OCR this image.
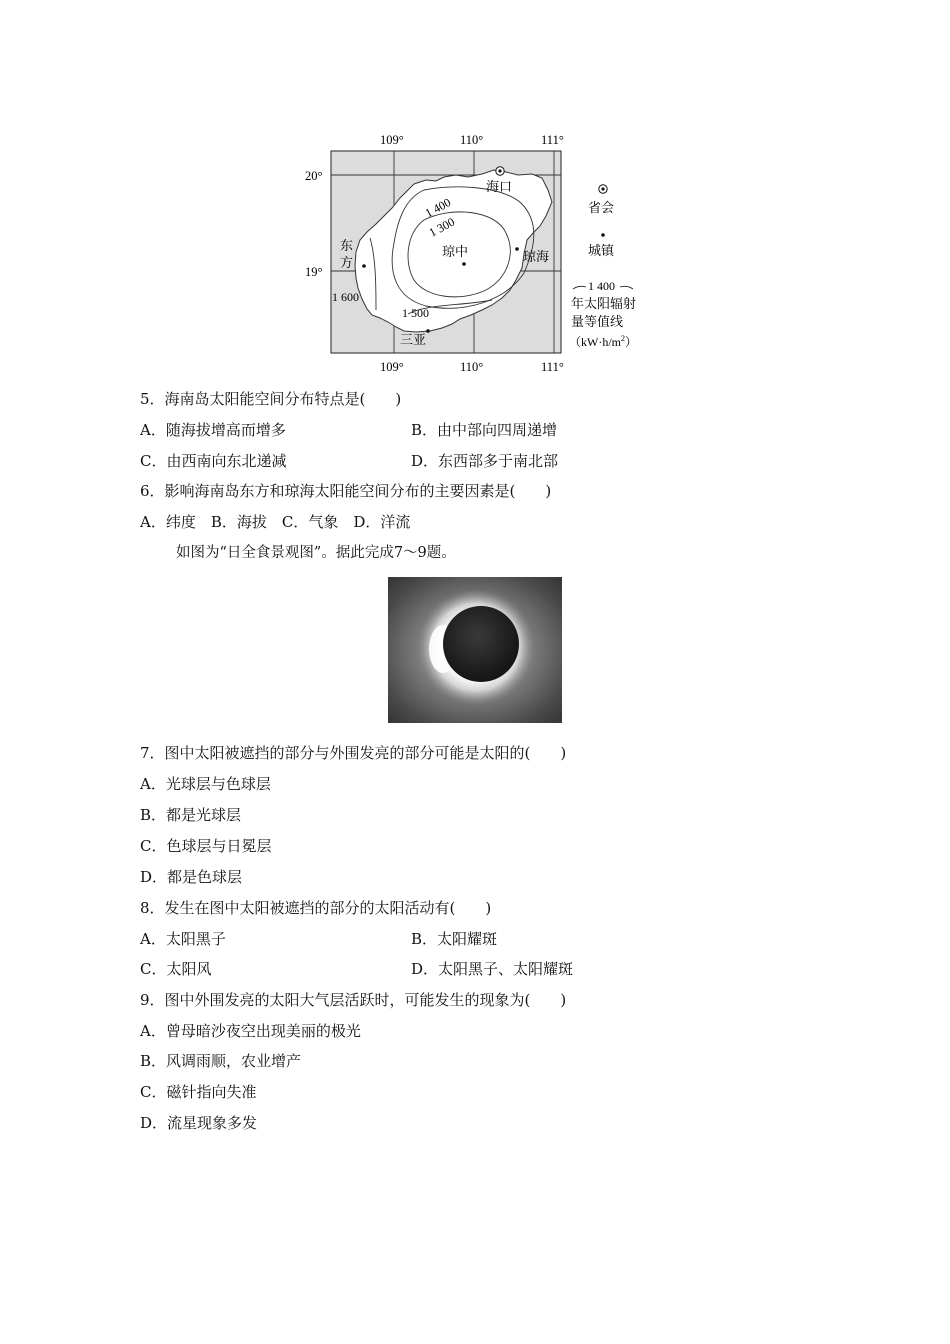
109°	110°	111°
109°	110°	111°
20°
19°
海口
琼中	琼海
东
方
三亚
1 400
1 300
1 500
1 600
省会
城镇
1 400
年太阳辐射
量等值线
$(kW\cdot h/m^2)$
5．海南岛太阳能空间分布特点是(　　)
A．随海拔增高而增多	B．由中部向四周递增
C．由西南向东北递减	D．东西部多于南北部
6．影响海南岛东方和琼海太阳能空间分布的主要因素是(　　)
A．纬度　B．海拔　C．气象　D．洋流
如图为“日全食景观图”。据此完成7～9题。
7．图中太阳被遮挡的部分与外围发亮的部分可能是太阳的(　　)
A．光球层与色球层
B．都是光球层
C．色球层与日冕层
D．都是色球层
8．发生在图中太阳被遮挡的部分的太阳活动有(　　)
A．太阳黑子	B．太阳耀斑
C．太阳风	D．太阳黑子、太阳耀斑
9．图中外围发亮的太阳大气层活跃时，可能发生的现象为(　　)
A．曾母暗沙夜空出现美丽的极光
B．风调雨顺，农业增产
C．磁针指向失准
D．流星现象多发
